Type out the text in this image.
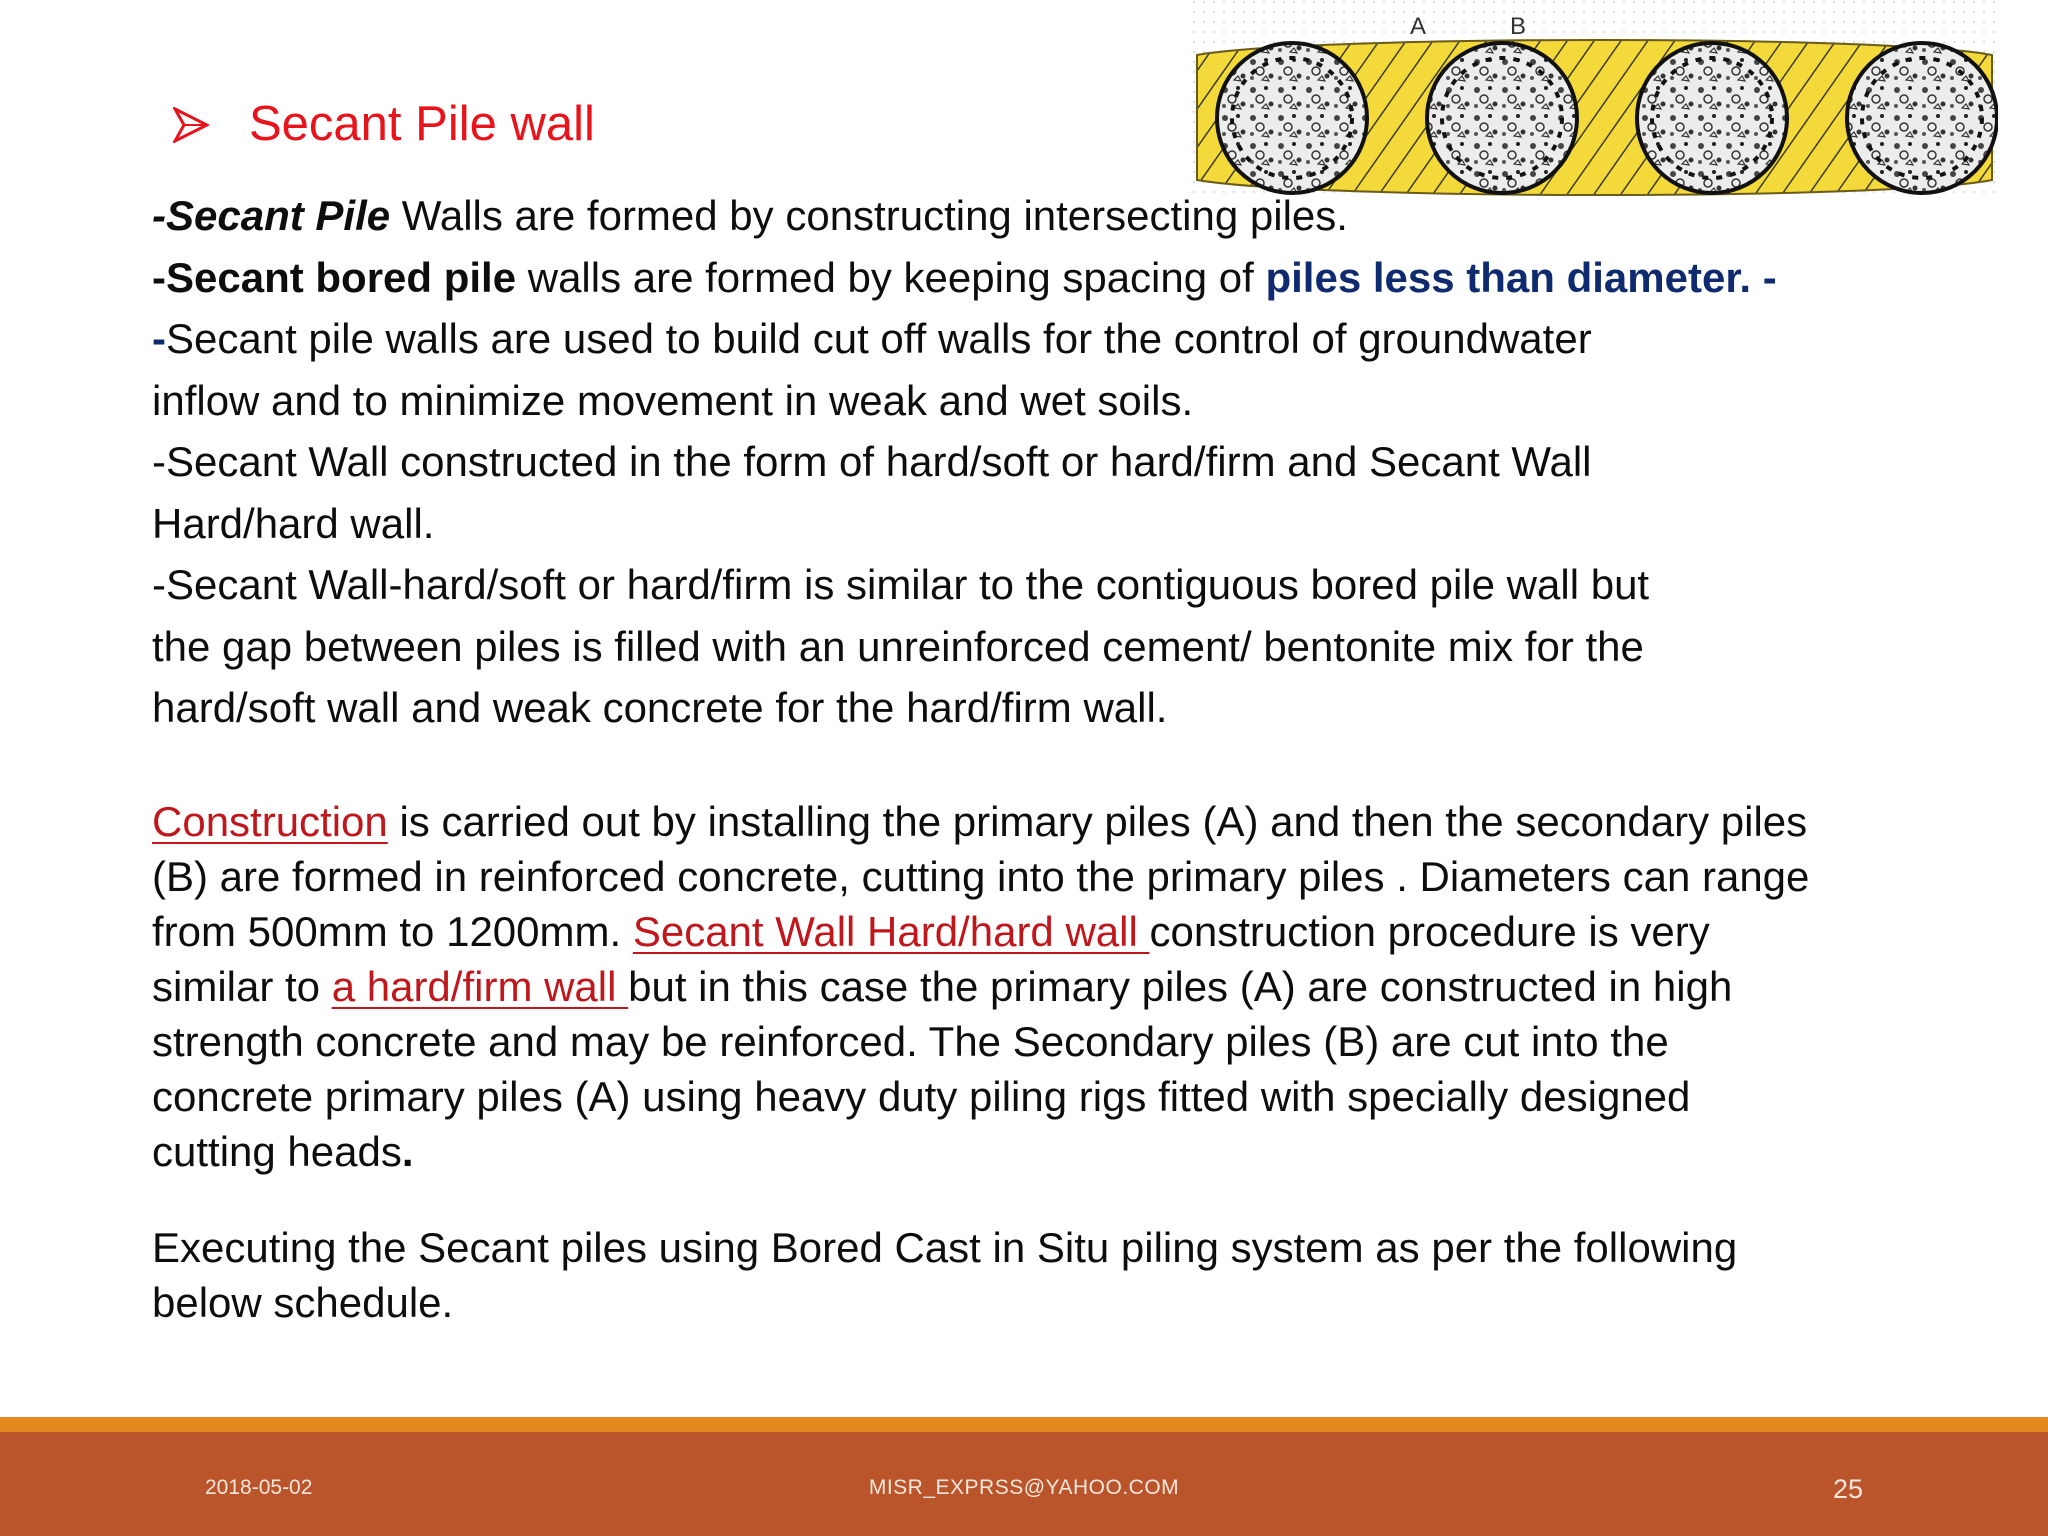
Secant Pile wall
A	B
-Secant Pile Walls are formed by constructing intersecting piles.
-Secant bored pile walls are formed by keeping spacing of piles less than diameter. -
-Secant pile walls are used to build cut off walls for the control of groundwater
inflow and to minimize movement in weak and wet soils.
-Secant Wall constructed in the form of hard/soft or hard/firm and Secant Wall
Hard/hard wall.
-Secant Wall-hard/soft or hard/firm is similar to the contiguous bored pile wall but
the gap between piles is filled with an unreinforced cement/ bentonite mix for the
hard/soft wall and weak concrete for the hard/firm wall.
Construction is carried out by installing the primary piles (A) and then the secondary piles
(B) are formed in reinforced concrete, cutting into the primary piles . Diameters can range
from 500mm to 1200mm. Secant Wall Hard/hard wall construction procedure is very
similar to a hard/firm wall but in this case the primary piles (A) are constructed in high
strength concrete and may be reinforced. The Secondary piles (B) are cut into the
concrete primary piles (A) using heavy duty piling rigs fitted with specially designed
cutting heads.
Executing the Secant piles using Bored Cast in Situ piling system as per the following
below schedule.
2018-05-02	MISR_EXPRSS@YAHOO.COM	25
